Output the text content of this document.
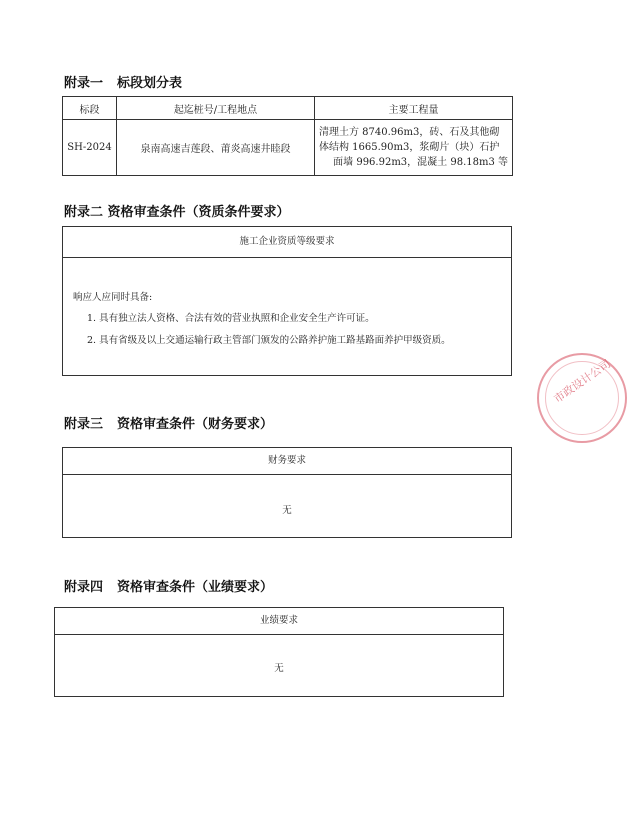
附录一 标段划分表
标段	起迄桩号/工程地点	主要工程量
SH-2024	泉南高速吉莲段、莆炎高速井睦段	清理土方 8740.96m3，砖、石及其他砌
体结构 1665.90m3，浆砌片（块）石护
面墙 996.92m3，混凝土 98.18m3 等
附录二 资格审查条件（资质条件要求）
施工企业资质等级要求
响应人应同时具备:
1. 具有独立法人资格、合法有效的营业执照和企业安全生产许可证。
2. 具有省级及以上交通运输行政主管部门颁发的公路养护施工路基路面养护甲级资质。
附录三 资格审查条件（财务要求）
财务要求
无
附录四 资格审查条件（业绩要求）
业绩要求
无
市政设计公司
